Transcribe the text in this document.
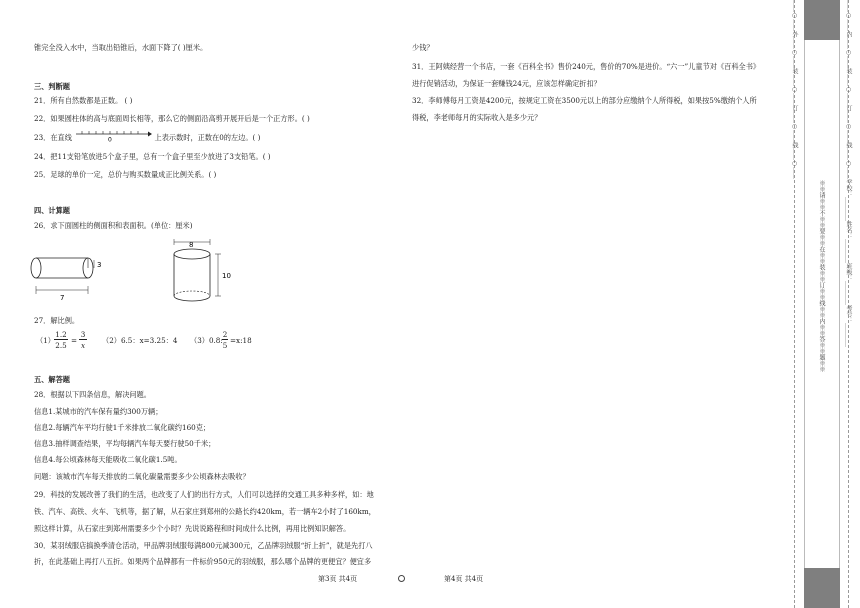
锥完全没入水中，当取出铅锥后，水面下降了( )厘米。
三、判断题
21．所有自然数都是正数。 ( )
22．如果圆柱体的高与底面周长相等，那么它的侧面沿高剪开展开后是一个正方形。( )
23．在直线	0	上表示数时，正数在0的左边。( )
24．把11支铅笔放进5个盒子里，总有一个盒子里至少放进了3支铅笔。( )
25．足球的单价一定，总价与购买数量成正比例关系。( )
四、计算题
26．求下面圆柱的侧面积和表面积。(单位：厘米)
3
7
8
10
27．解比例。
（1）
1.2
2.5
=
3
x
（2）6.5：x=3.25：4 （3）0.8:
2
5
=x:18
五、解答题
28．根据以下四条信息，解决问题。
信息1.某城市的汽车保有量约300万辆；
信息2.每辆汽车平均行驶1千米排放二氧化碳约160克；
信息3.抽样调查结果，平均每辆汽车每天要行驶50千米；
信息4.每公顷森林每天能吸收二氧化碳1.5吨。
问题：该城市汽车每天排放的二氧化碳量需要多少公顷森林去吸收？
29．科技的发展改善了我们的生活，也改变了人们的出行方式，人们可以选择的交通工具多种多样，如：地
铁、汽车、高铁、火车、飞机等，据了解，从石家庄到郑州的公路长约420km，若一辆车2小时了160km，
照这样计算，从石家庄到郑州需要多少个小时？先说说路程和时间成什么比例，再用比例知识解答。
30．某羽绒服店搞换季清仓活动，甲品牌羽绒服每满800元减300元，乙品牌羽绒服“折上折”，就是先打八
折，在此基础上再打八五折。如果两个品牌都有一件标价950元的羽绒服，那么哪个品牌的更便宜？便宜多
少钱？
31．王阿姨经营一个书店，一套《百科全书》售价240元，售价的70%是进价。“六一”儿童节对《百科全书》
进行促销活动，为保证一套赚钱24元，应该怎样确定折扣？
32．李师傅每月工资是4200元，按规定工资在3500元以上的部分应缴纳个人所得税，如果按5%缴纳个人所
得税，李老师每月的实际收入是多少元？
第3页 共4页	第4页 共4页
……○……外……○……装……○……订……○……线……○……
※※请※※不※※要※※在※※装※※订※※线※※内※※答※※题※※	……○……内……○……装……○……订……○……线……○……学校：________姓名：________班级：________考号：________
